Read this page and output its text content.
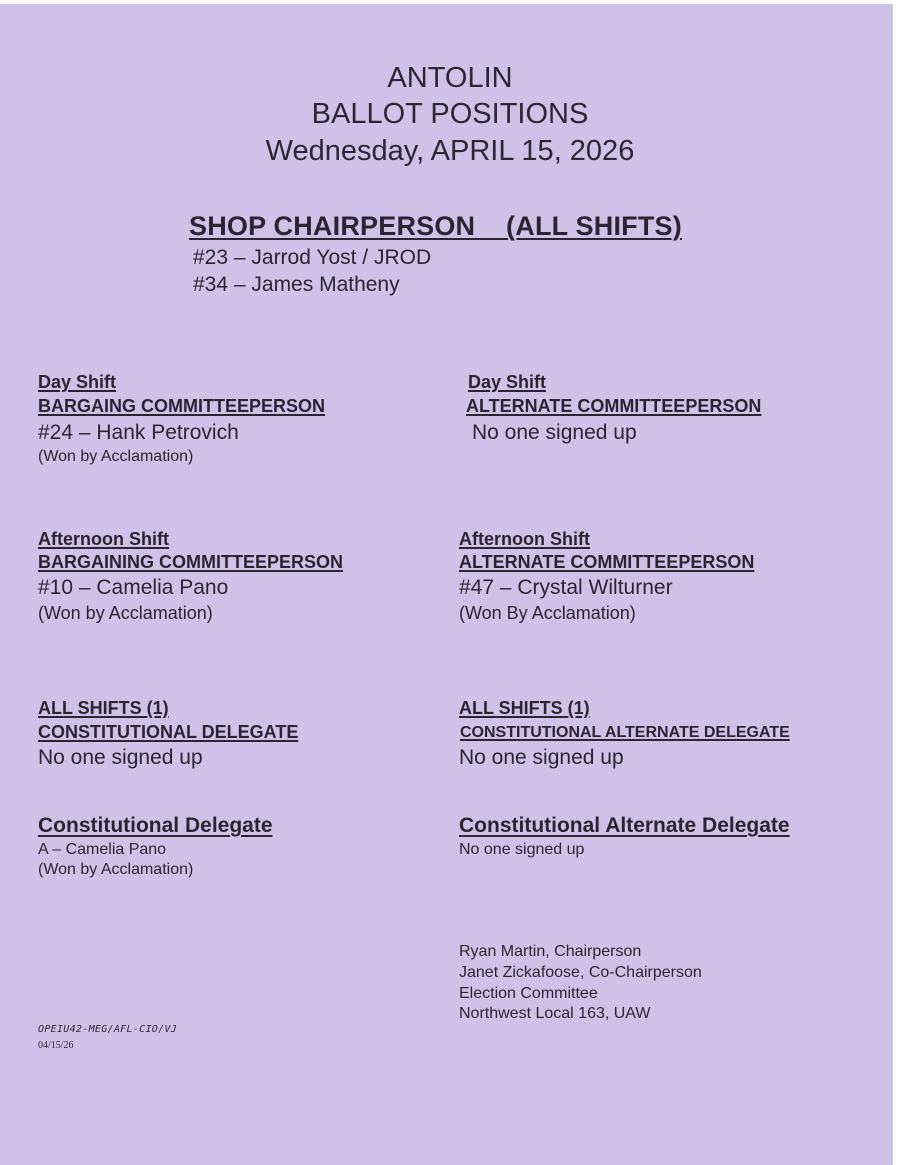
ANTOLIN
BALLOT POSITIONS
Wednesday, APRIL 15, 2026
SHOP CHAIRPERSON    (ALL SHIFTS)
#23 – Jarrod Yost / JROD
#34 – James Matheny
Day Shift
BARGAING COMMITTEEPERSON
#24 – Hank Petrovich
(Won by Acclamation)
Day Shift
ALTERNATE COMMITTEEPERSON
No one signed up
Afternoon Shift
BARGAINING COMMITTEEPERSON
#10 – Camelia Pano
(Won by Acclamation)
Afternoon Shift
ALTERNATE COMMITTEEPERSON
#47 – Crystal Wilturner
(Won By Acclamation)
ALL SHIFTS (1)
CONSTITUTIONAL DELEGATE
No one signed up
ALL SHIFTS (1)
CONSTITUTIONAL ALTERNATE DELEGATE
No one signed up
Constitutional Delegate
A – Camelia Pano
(Won by Acclamation)
Constitutional Alternate Delegate
No one signed up
Ryan Martin, Chairperson
Janet Zickafoose, Co-Chairperson
Election Committee
Northwest Local 163, UAW
OPEIU42-MEG/AFL-CIO/VJ
04/15/26
